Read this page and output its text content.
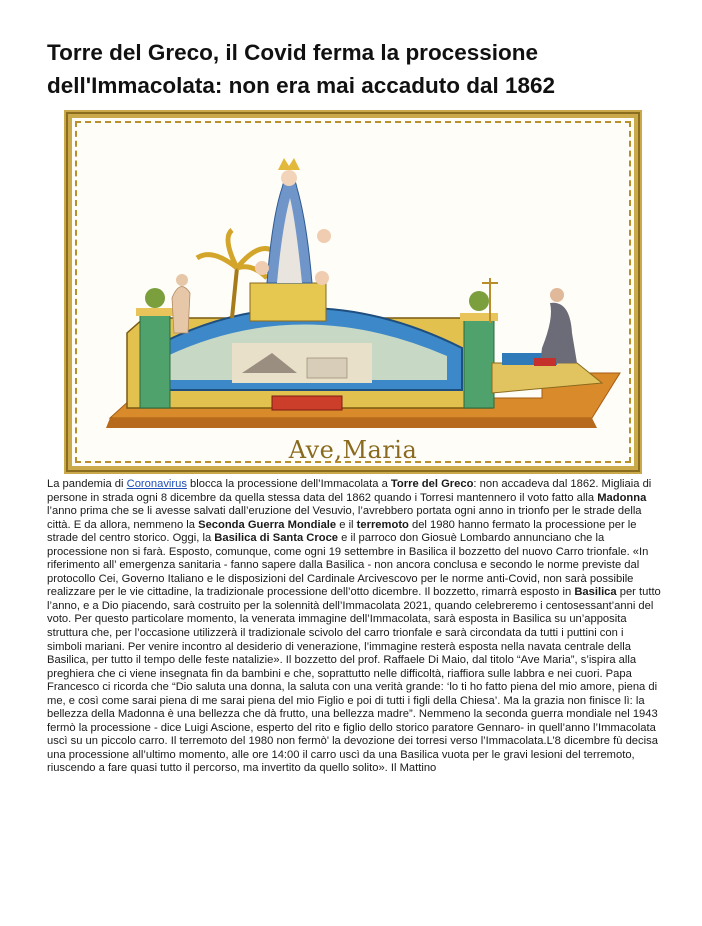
Torre del Greco, il Covid ferma la processione dell'Immacolata: non era mai accaduto dal 1862
Ave,Maria

La pandemia di Coronavirus blocca la processione dell’Immacolata a Torre del Greco: non accadeva dal 1862. Migliaia di persone in strada ogni 8 dicembre da quella stessa data del 1862 quando i Torresi mantennero il voto fatto alla Madonna l’anno prima che se li avesse salvati dall’eruzione del Vesuvio, l’avrebbero portata ogni anno in trionfo per le strade della città. E da allora, nemmeno la Seconda Guerra Mondiale e il terremoto del 1980 hanno fermato la processione per le strade del centro storico. Oggi, la Basilica di Santa Croce e il parroco don Giosuè Lombardo annunciano che la processione non si farà. Esposto, comunque, come ogni 19 settembre in Basilica il bozzetto del nuovo Carro trionfale. «In riferimento all’ emergenza sanitaria - fanno sapere dalla Basilica - non ancora conclusa e secondo le norme previste dal protocollo Cei, Governo Italiano e le disposizioni del Cardinale Arcivescovo per le norme anti-Covid, non sarà possibile realizzare per le vie cittadine, la tradizionale processione dell’otto dicembre. Il bozzetto, rimarrà esposto in Basilica per tutto l’anno, e a Dio piacendo, sarà costruito per la solennità dell’Immacolata 2021, quando celebreremo i centosessant’anni del voto. Per questo particolare momento, la venerata immagine dell’Immacolata, sarà esposta in Basilica su un’apposita struttura che, per l’occasione utilizzerà il tradizionale scivolo del carro trionfale e sarà circondata da tutti i puttini con i simboli mariani. Per venire incontro al desiderio di venerazione, l’immagine resterà esposta nella navata centrale della Basilica, per tutto il tempo delle feste natalizie». Il bozzetto del prof. Raffaele Di Maio, dal titolo “Ave Maria”, s’ispira alla preghiera che ci viene insegnata fin da bambini e che, soprattutto nelle difficoltà, riaffiora sulle labbra e nei cuori. Papa Francesco ci ricorda che “Dio saluta una donna, la saluta con una verità grande: ‘lo ti ho fatto piena del mio amore, piena di me, e così come sarai piena di me sarai piena del mio Figlio e poi di tutti i figli della Chiesa’. Ma la grazia non finisce lì: la bellezza della Madonna è una bellezza che dà frutto, una bellezza madre”. Nemmeno la seconda guerra mondiale nel 1943 fermò la processione - dice Luigi Ascione, esperto del rito e figlio dello storico paratore Gennaro- in quell’anno l’Immacolata uscì su un piccolo carro. Il terremoto del 1980 non fermò' la devozione dei torresi verso l’Immacolata.L’8 dicembre fù decisa una processione all’ultimo momento, alle ore 14:00 il carro uscì da una Basilica vuota per le gravi lesioni del terremoto, riuscendo a fare quasi tutto il percorso, ma invertito da quello solito». Il Mattino
